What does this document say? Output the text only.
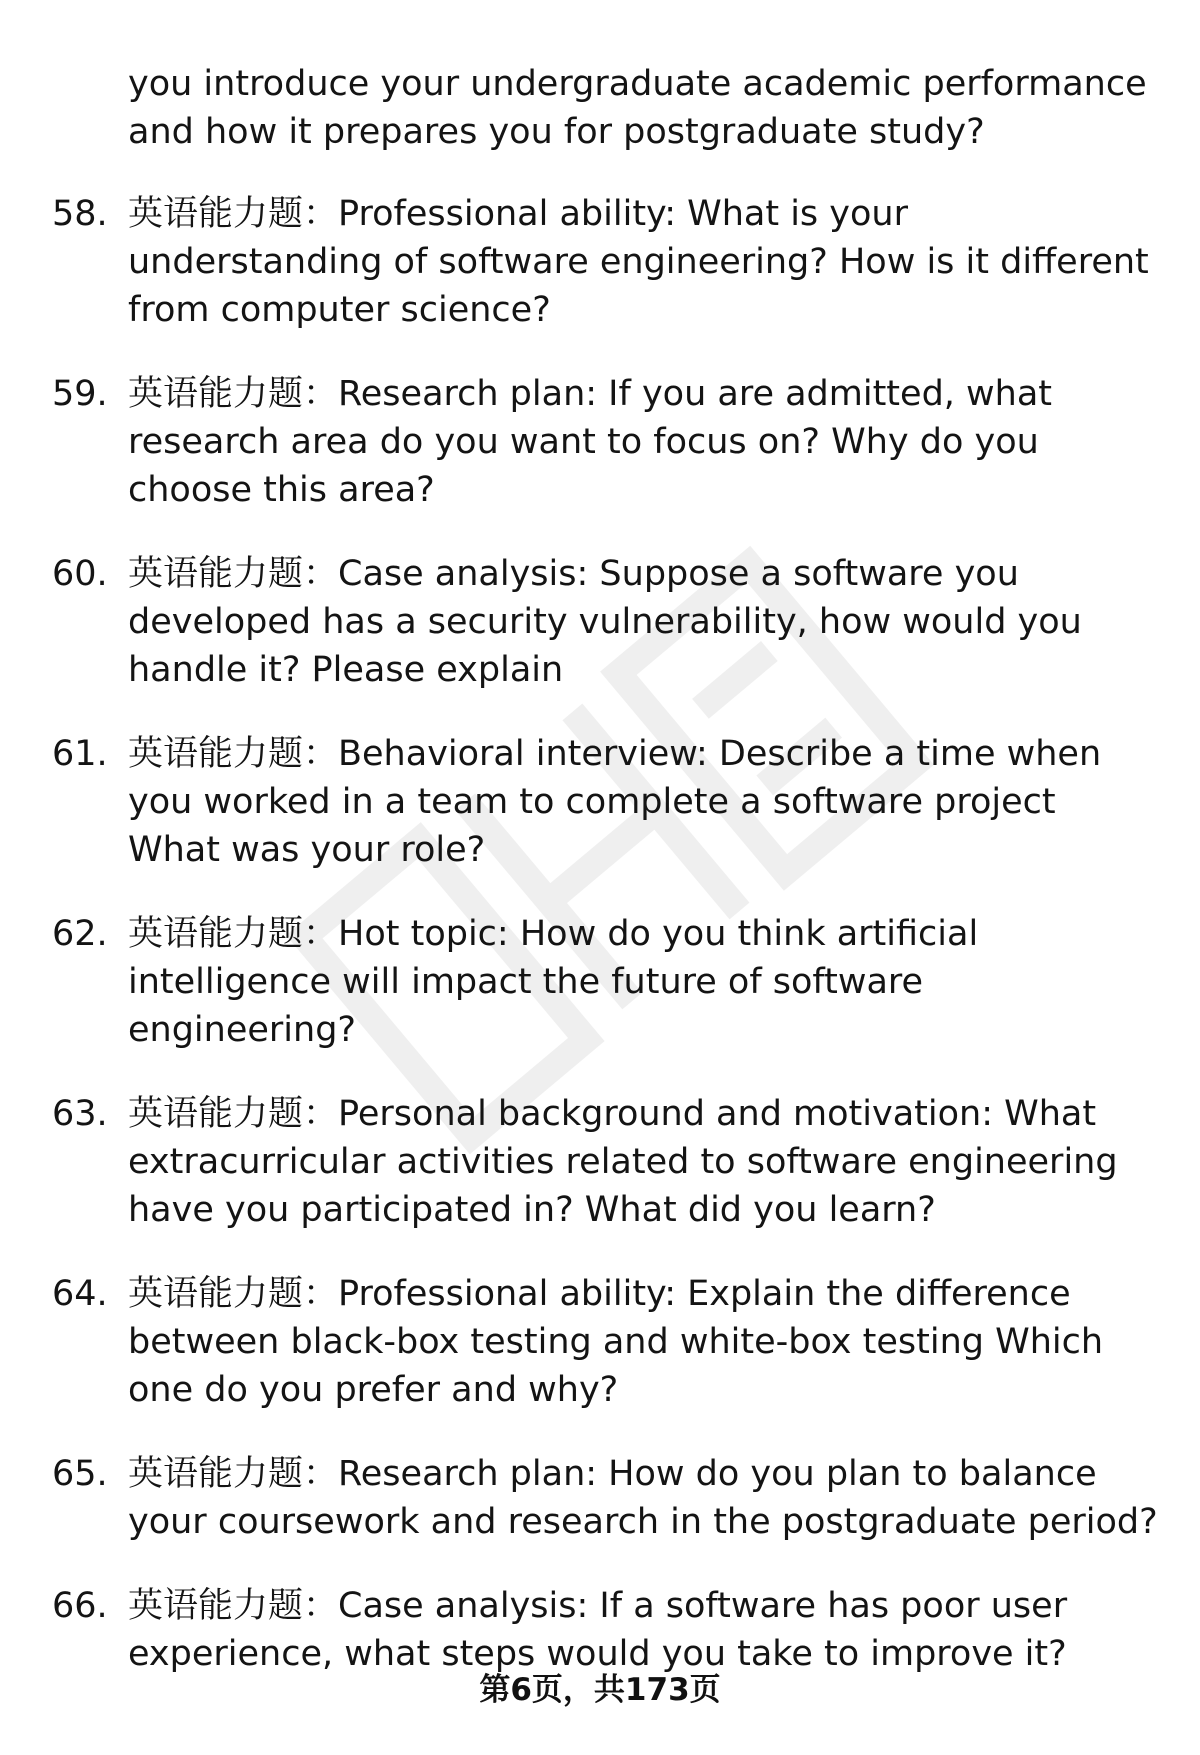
you introduce your undergraduate academic performance and how it prepares you for postgraduate study?
58. 英语能力题：Professional ability: What is your understanding of software engineering? How is it different from computer science?
59. 英语能力题：Research plan: If you are admitted, what research area do you want to focus on? Why do you choose this area?
60. 英语能力题：Case analysis: Suppose a software you developed has a security vulnerability, how would you handle it? Please explain
61. 英语能力题：Behavioral interview: Describe a time when you worked in a team to complete a software project What was your role?
62. 英语能力题：Hot topic: How do you think artificial intelligence will impact the future of software engineering?
63. 英语能力题：Personal background and motivation: What extracurricular activities related to software engineering have you participated in? What did you learn?
64. 英语能力题：Professional ability: Explain the difference between black-box testing and white-box testing Which one do you prefer and why?
65. 英语能力题：Research plan: How do you plan to balance your coursework and research in the postgraduate period?
66. 英语能力题：Case analysis: If a software has poor user experience, what steps would you take to improve it?
第6页，共173页
